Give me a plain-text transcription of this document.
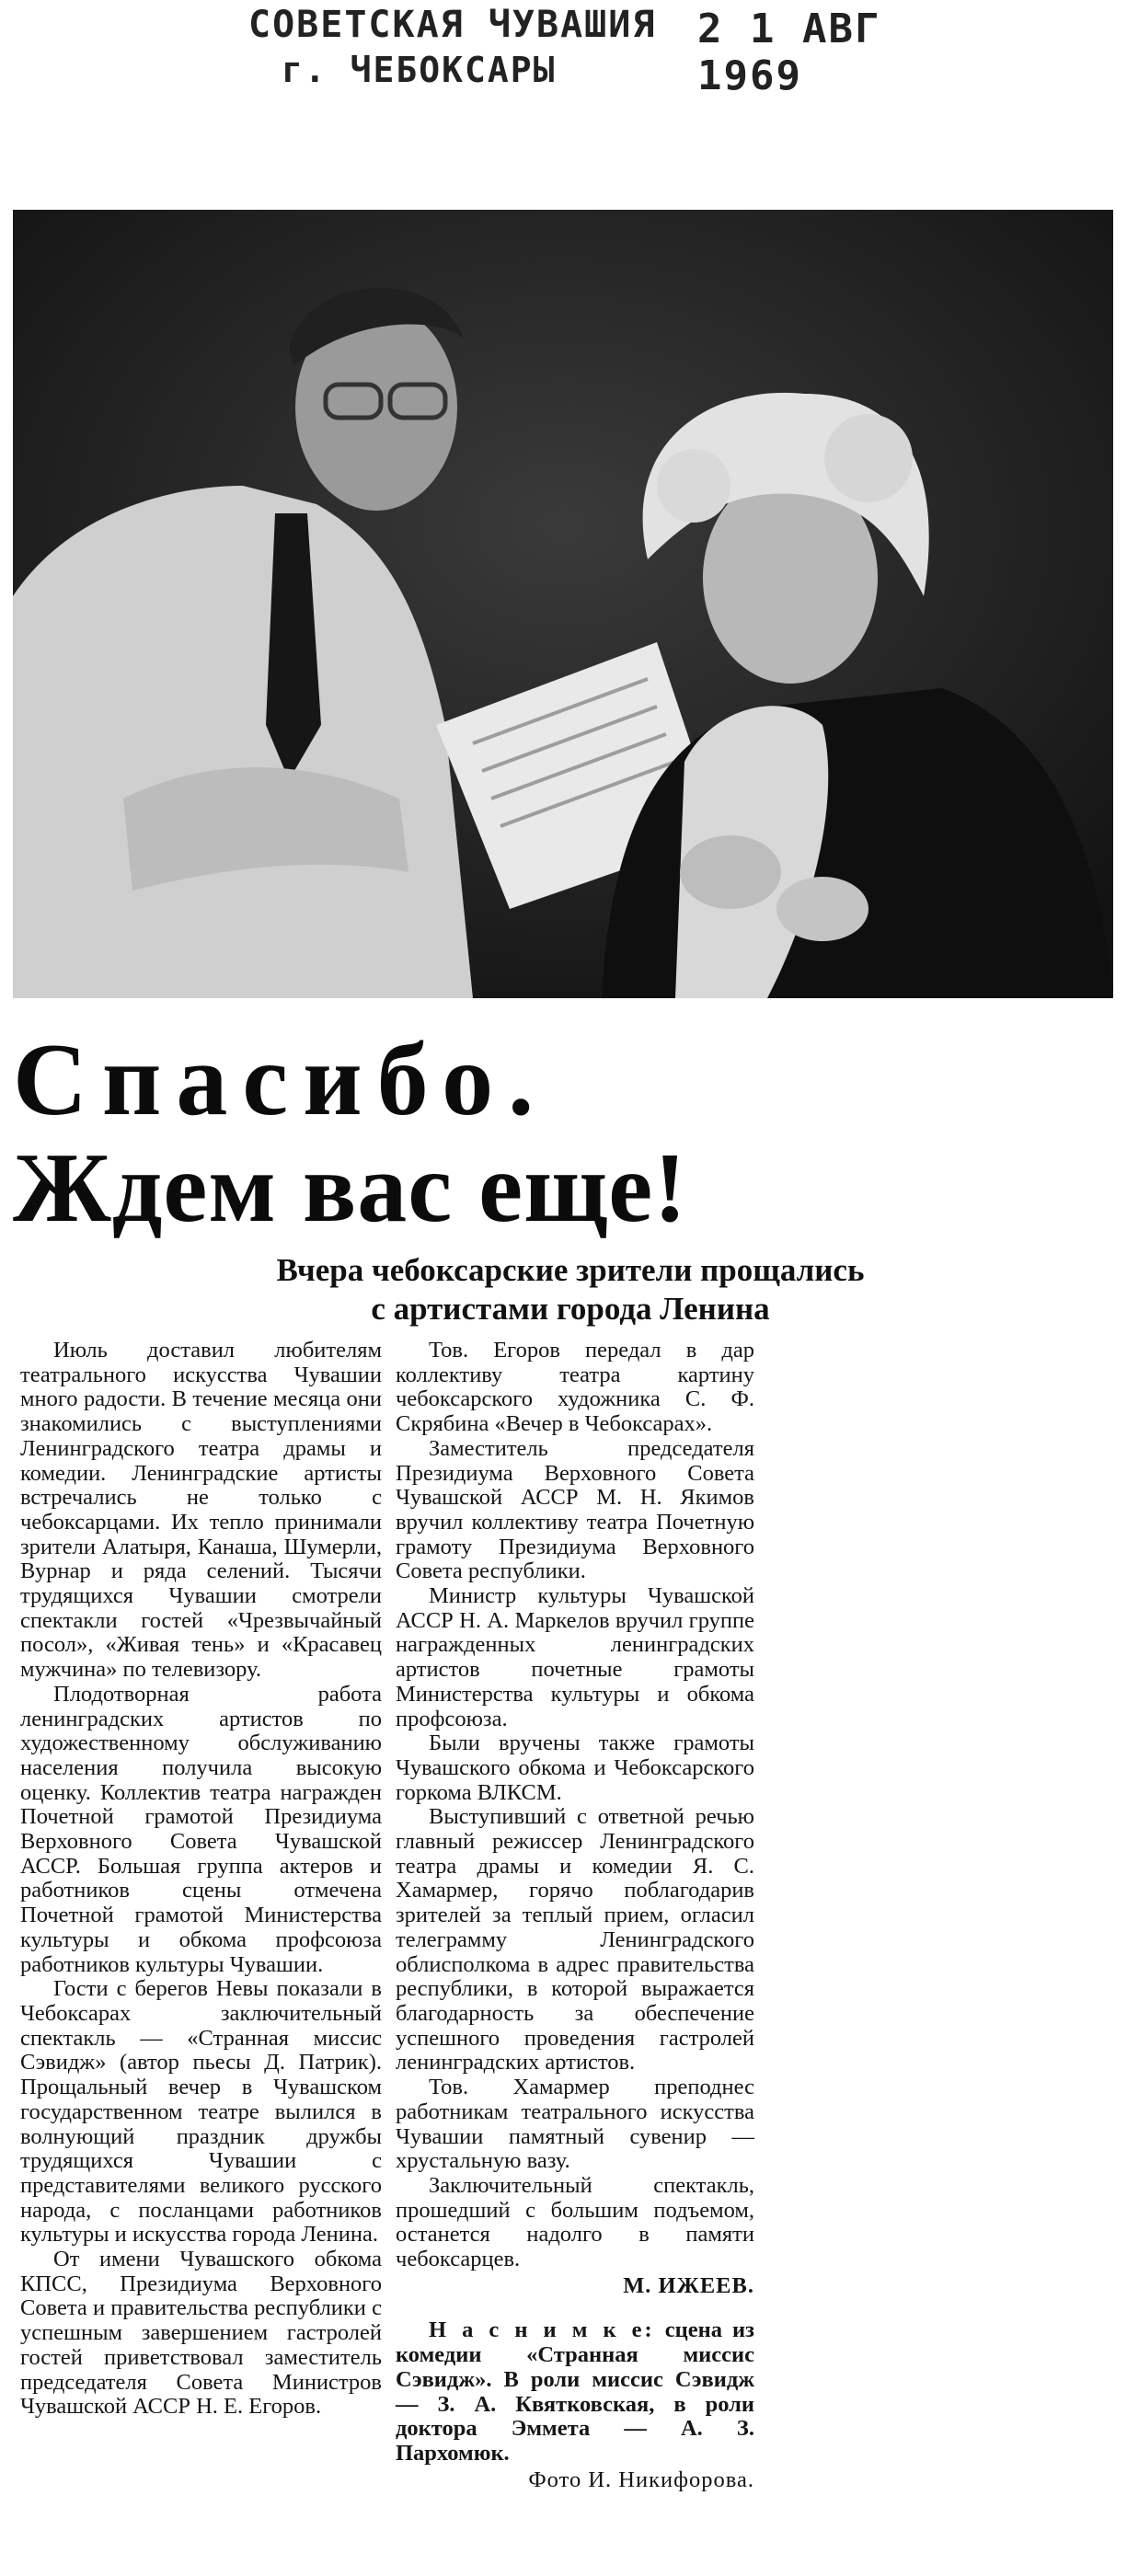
СОВЕТСКАЯ ЧУВАШИЯ 2 1 АВГ 1969
г. ЧЕБОКСАРЫ
Спасибо.
Ждем вас еще!
Вчера чебоксарские зрители прощались
с артистами города Ленина

Июль доставил любителям театрального искусства Чувашии много радости. В течение месяца они знакомились с выступлениями Ленинградского театра драмы и комедии. Ленинградские артисты встречались не только с чебоксарцами. Их тепло принимали зрители Алатыря, Канаша, Шумерли, Вурнар и ряда селений. Тысячи трудящихся Чувашии смотрели спектакли гостей «Чрезвычайный посол», «Живая тень» и «Красавец мужчина» по телевизору.

Плодотворная работа ленинградских артистов по художественному обслуживанию населения получила высокую оценку. Коллектив театра награжден Почетной грамотой Президиума Верховного Совета Чувашской АССР. Большая группа актеров и работников сцены отмечена Почетной грамотой Министерства культуры и обкома профсоюза работников культуры Чувашии.

Гости с берегов Невы показали в Чебоксарах заключительный спектакль — «Странная миссис Сэвидж» (автор пьесы Д. Патрик). Прощальный вечер в Чувашском государственном театре вылился в волнующий праздник дружбы трудящихся Чувашии с представителями великого русского народа, с посланцами работников культуры и искусства города Ленина.

От имени Чувашского обкома КПСС, Президиума Верховного Совета и правительства республики с успешным завершением гастролей гостей приветствовал заместитель председателя Совета Министров Чувашской АССР Н. Е. Егоров.

Тов. Егоров передал в дар коллективу театра картину чебоксарского художника С. Ф. Скрябина «Вечер в Чебоксарах».

Заместитель председателя Президиума Верховного Совета Чувашской АССР М. Н. Якимов вручил коллективу театра Почетную грамоту Президиума Верховного Совета республики.

Министр культуры Чувашской АССР Н. А. Маркелов вручил группе награжденных ленинградских артистов почетные грамоты Министерства культуры и обкома профсоюза.

Были вручены также грамоты Чувашского обкома и Чебоксарского горкома ВЛКСМ.

Выступивший с ответной речью главный режиссер Ленинградского театра драмы и комедии Я. С. Хамармер, горячо поблагодарив зрителей за теплый прием, огласил телеграмму Ленинградского облисполкома в адрес правительства республики, в которой выражается благодарность за обеспечение успешного проведения гастролей ленинградских артистов.

Тов. Хамармер преподнес работникам театрального искусства Чувашии памятный сувенир — хрустальную вазу.

Заключительный спектакль, прошедший с большим подъемом, останется надолго в памяти чебоксарцев.

М. ИЖЕЕВ.
Н а с н и м к е: сцена из комедии «Странная миссис Сэвидж». В роли миссис Сэвидж — З. А. Квятковская, в роли доктора Эммета — А. З. Пархомюк.
Фото И. Никифорова.
